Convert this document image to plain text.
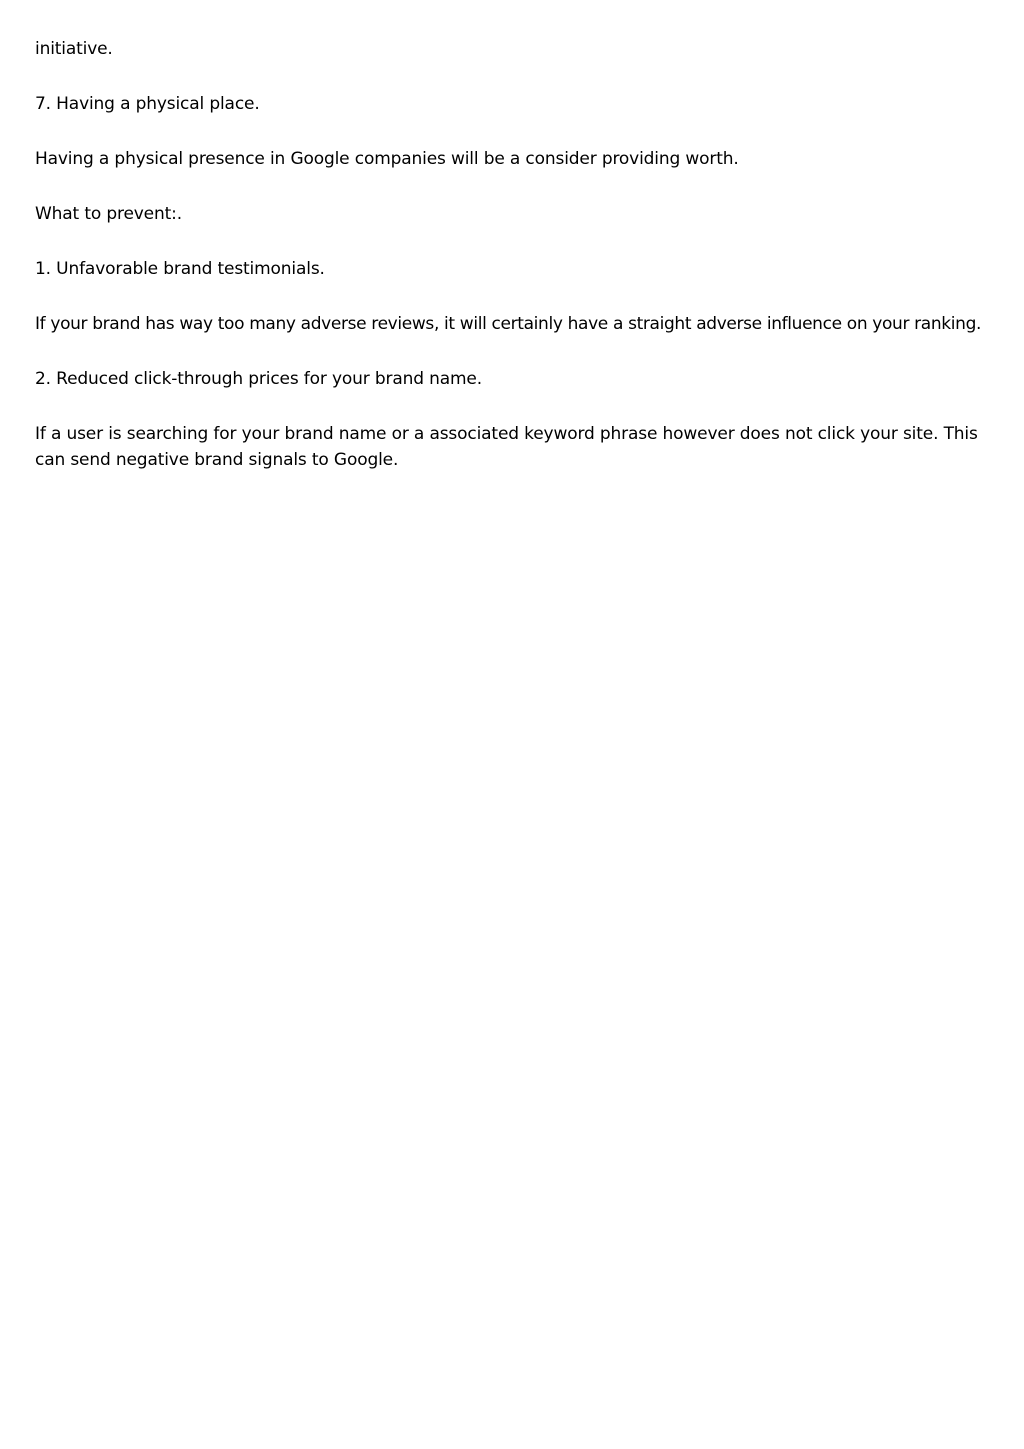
initiative.

7. Having a physical place.

Having a physical presence in Google companies will be a consider providing worth.

What to prevent:.

1. Unfavorable brand testimonials.

If your brand has way too many adverse reviews, it will certainly have a straight adverse influence on your ranking.

2. Reduced click-through prices for your brand name.

If a user is searching for your brand name or a associated keyword phrase however does not click your site. This can send negative brand signals to Google.
